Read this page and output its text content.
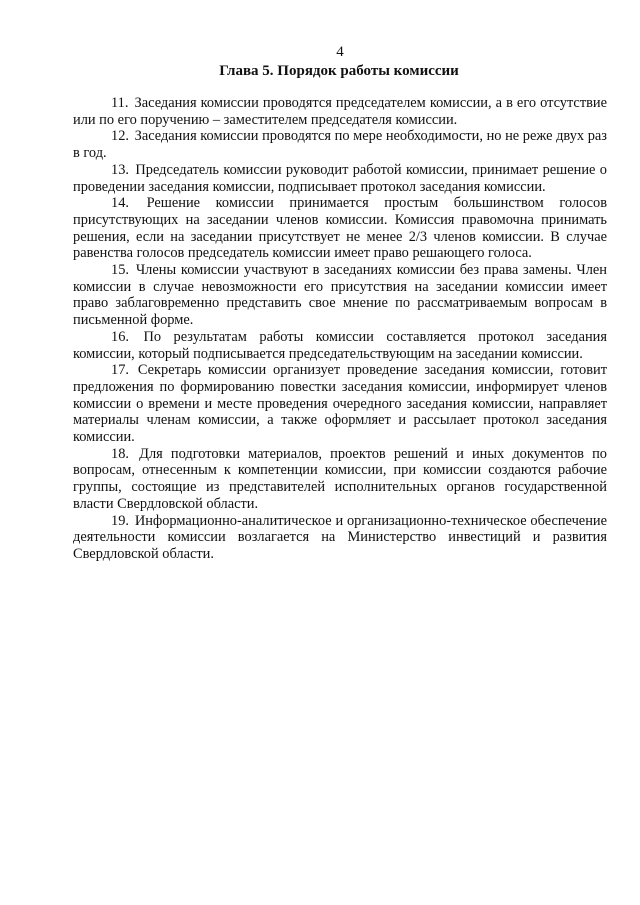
4
Глава 5. Порядок работы комиссии

11. Заседания комиссии проводятся председателем комиссии, а в его отсутствие или по его поручению – заместителем председателя комиссии.

12. Заседания комиссии проводятся по мере необходимости, но не реже двух раз в год.

13. Председатель комиссии руководит работой комиссии, принимает решение о проведении заседания комиссии, подписывает протокол заседания комиссии.

14. Решение комиссии принимается простым большинством голосов присутствующих на заседании членов комиссии. Комиссия правомочна принимать решения, если на заседании присутствует не менее 2/3 членов комиссии. В случае равенства голосов председатель комиссии имеет право решающего голоса.

15. Члены комиссии участвуют в заседаниях комиссии без права замены. Член комиссии в случае невозможности его присутствия на заседании комиссии имеет право заблаговременно представить свое мнение по рассматриваемым вопросам в письменной форме.

16. По результатам работы комиссии составляется протокол заседания комиссии, который подписывается председательствующим на заседании комиссии.

17. Секретарь комиссии организует проведение заседания комиссии, готовит предложения по формированию повестки заседания комиссии, информирует членов комиссии о времени и месте проведения очередного заседания комиссии, направляет материалы членам комиссии, а также оформляет и рассылает протокол заседания комиссии.

18. Для подготовки материалов, проектов решений и иных документов по вопросам, отнесенным к компетенции комиссии, при комиссии создаются рабочие группы, состоящие из представителей исполнительных органов государственной власти Свердловской области.

19. Информационно-аналитическое и организационно-техническое обеспечение деятельности комиссии возлагается на Министерство инвестиций и развития Свердловской области.
